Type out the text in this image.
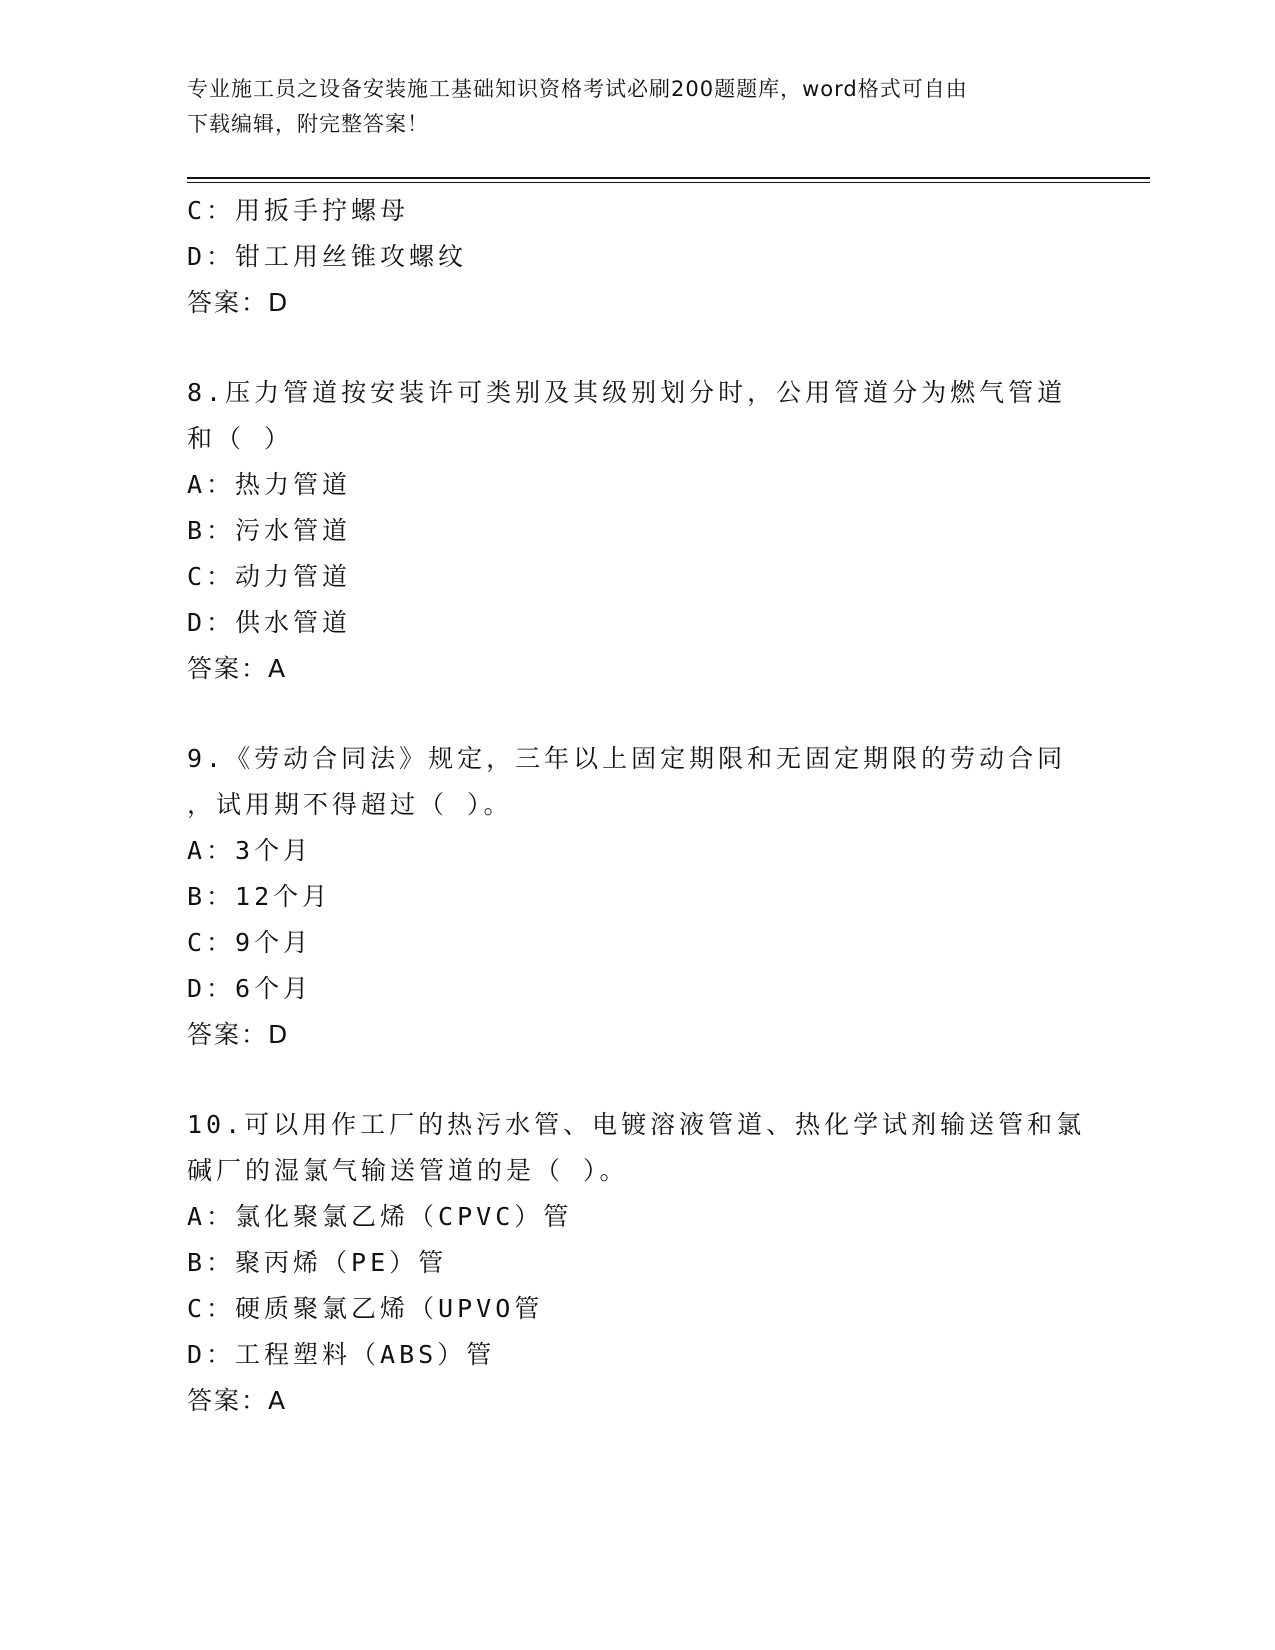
专业施工员之设备安装施工基础知识资格考试必刷200题题库，word格式可自由
下载编辑，附完整答案！
C：用扳手拧螺母
D：钳工用丝锥攻螺纹
答案：D
8.压力管道按安装许可类别及其级别划分时，公用管道分为燃气管道
和（ ）
A：热力管道
B：污水管道
C：动力管道
D：供水管道
答案：A
9.《劳动合同法》规定，三年以上固定期限和无固定期限的劳动合同
，试用期不得超过（ ）。
A：3个月
B：12个月
C：9个月
D：6个月
答案：D
10.可以用作工厂的热污水管、电镀溶液管道、热化学试剂输送管和氯
碱厂的湿氯气输送管道的是（ ）。
A：氯化聚氯乙烯（CPVC）管
B：聚丙烯（PE）管
C：硬质聚氯乙烯（UPVO管
D：工程塑料（ABS）管
答案：A
